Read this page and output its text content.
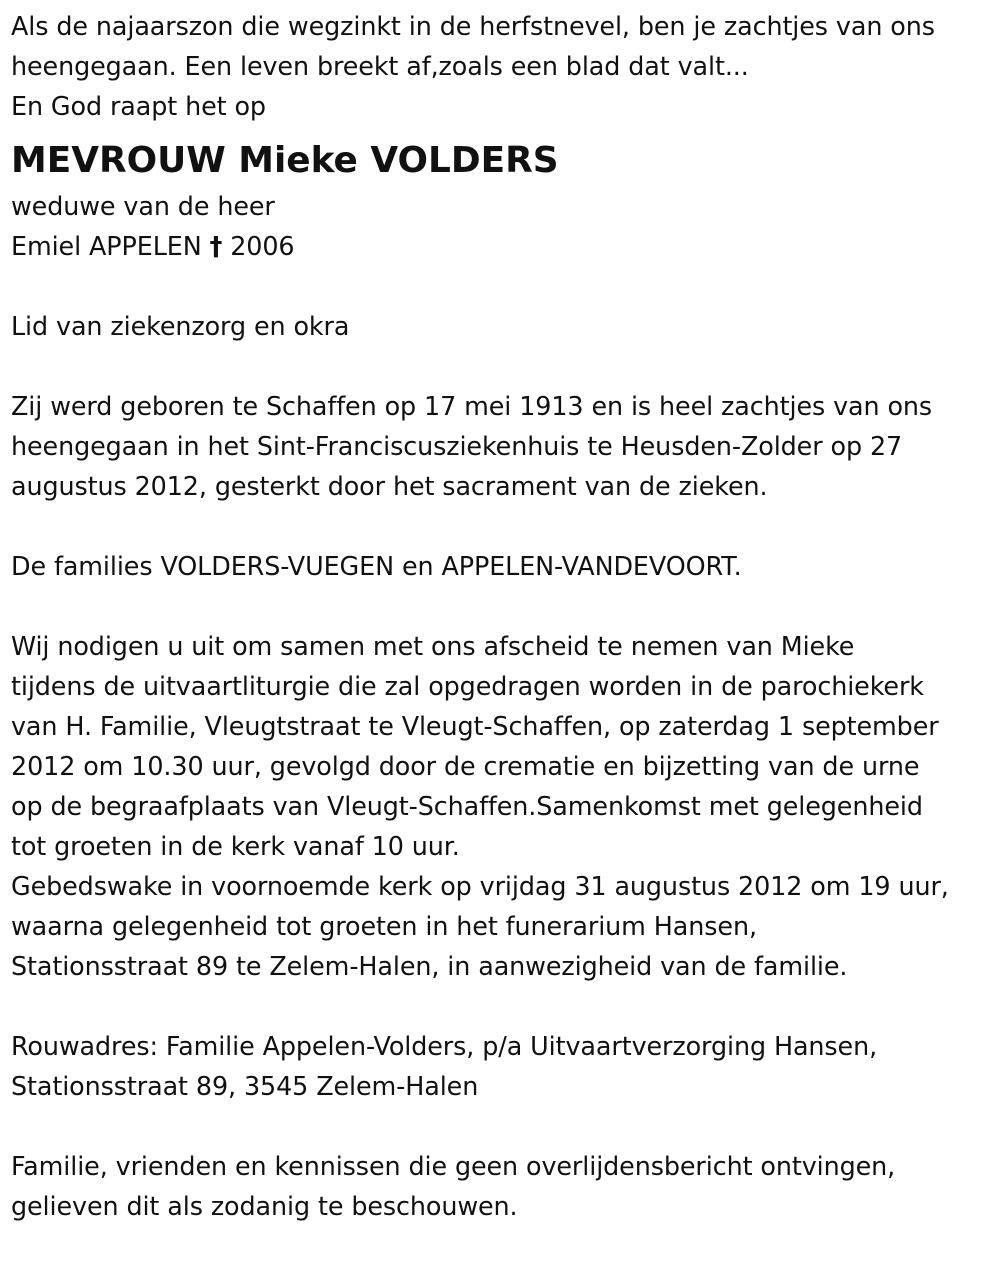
Als de najaarszon die wegzinkt in de herfstnevel, ben je zachtjes van ons
heengegaan. Een leven breekt af,zoals een blad dat valt...
En God raapt het op
MEVROUW Mieke VOLDERS
weduwe van de heer
Emiel APPELEN † 2006
Lid van ziekenzorg en okra
Zij werd geboren te Schaffen op 17 mei 1913 en is heel zachtjes van ons
heengegaan in het Sint-Franciscusziekenhuis te Heusden-Zolder op 27
augustus 2012, gesterkt door het sacrament van de zieken.
De families VOLDERS-VUEGEN en APPELEN-VANDEVOORT.
Wij nodigen u uit om samen met ons afscheid te nemen van Mieke
tijdens de uitvaartliturgie die zal opgedragen worden in de parochiekerk
van H. Familie, Vleugtstraat te Vleugt-Schaffen, op zaterdag 1 september
2012 om 10.30 uur, gevolgd door de crematie en bijzetting van de urne
op de begraafplaats van Vleugt-Schaffen.Samenkomst met gelegenheid
tot groeten in de kerk vanaf 10 uur.
Gebedswake in voornoemde kerk op vrijdag 31 augustus 2012 om 19 uur,
waarna gelegenheid tot groeten in het funerarium Hansen,
Stationsstraat 89 te Zelem-Halen, in aanwezigheid van de familie.
Rouwadres: Familie Appelen-Volders, p/a Uitvaartverzorging Hansen,
Stationsstraat 89, 3545 Zelem-Halen
Familie, vrienden en kennissen die geen overlijdensbericht ontvingen,
gelieven dit als zodanig te beschouwen.
